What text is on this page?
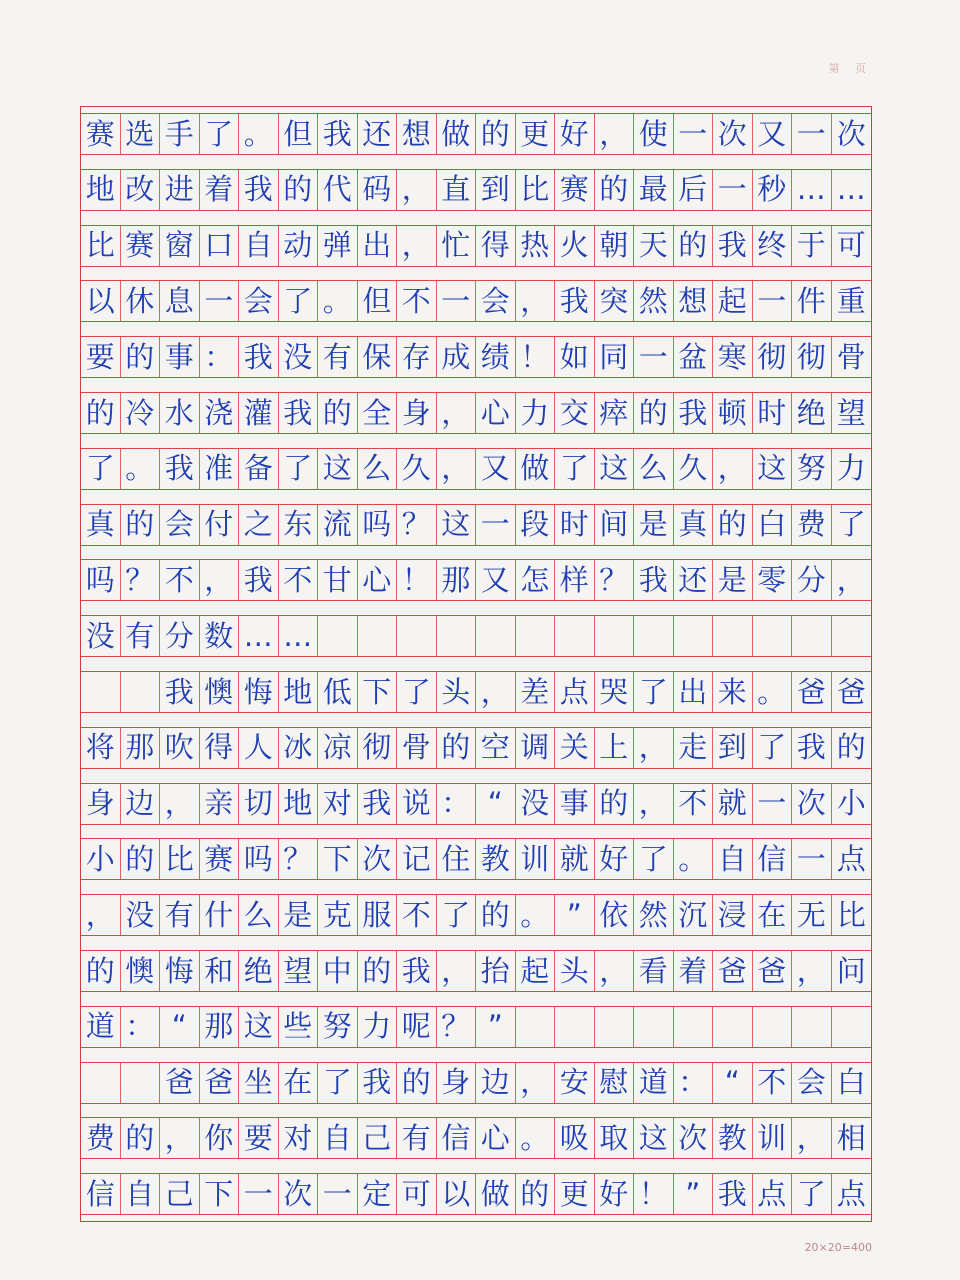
第 页
赛 选 手 了 。 但 我 还 想 做 的 更 好 ， 使 一 次 又 一 次
地 改 进 着 我 的 代 码 ， 直 到 比 赛 的 最 后 一 秒 … …
比 赛 窗 口 自 动 弹 出 ， 忙 得 热 火 朝 天 的 我 终 于 可
以 休 息 一 会 了 。 但 不 一 会 ， 我 突 然 想 起 一 件 重
要 的 事 ： 我 没 有 保 存 成 绩 ！ 如 同 一 盆 寒 彻 彻 骨
的 冷 水 浇 灌 我 的 全 身 ， 心 力 交 瘁 的 我 顿 时 绝 望
了 。 我 准 备 了 这 么 久 ， 又 做 了 这 么 久 ， 这 努 力
真 的 会 付 之 东 流 吗 ？ 这 一 段 时 间 是 真 的 白 费 了
吗 ？ 不 ， 我 不 甘 心 ！ 那 又 怎 样 ？ 我 还 是 零 分 ，
没 有 分 数 … …
我 懊 悔 地 低 下 了 头 ， 差 点 哭 了 出 来 。 爸 爸
将 那 吹 得 人 冰 凉 彻 骨 的 空 调 关 上 ， 走 到 了 我 的
身 边 ， 亲 切 地 对 我 说 ： “ 没 事 的 ， 不 就 一 次 小
小 的 比 赛 吗 ？ 下 次 记 住 教 训 就 好 了 。 自 信 一 点
， 没 有 什 么 是 克 服 不 了 的 。 ” 依 然 沉 浸 在 无 比
的 懊 悔 和 绝 望 中 的 我 ， 抬 起 头 ， 看 着 爸 爸 ， 问
道 ： “ 那 这 些 努 力 呢 ？ ”
爸 爸 坐 在 了 我 的 身 边 ， 安 慰 道 ： “ 不 会 白
费 的 ， 你 要 对 自 己 有 信 心 。 吸 取 这 次 教 训 ， 相
信 自 己 下 一 次 一 定 可 以 做 的 更 好 ！ ” 我 点 了 点
20×20=400
